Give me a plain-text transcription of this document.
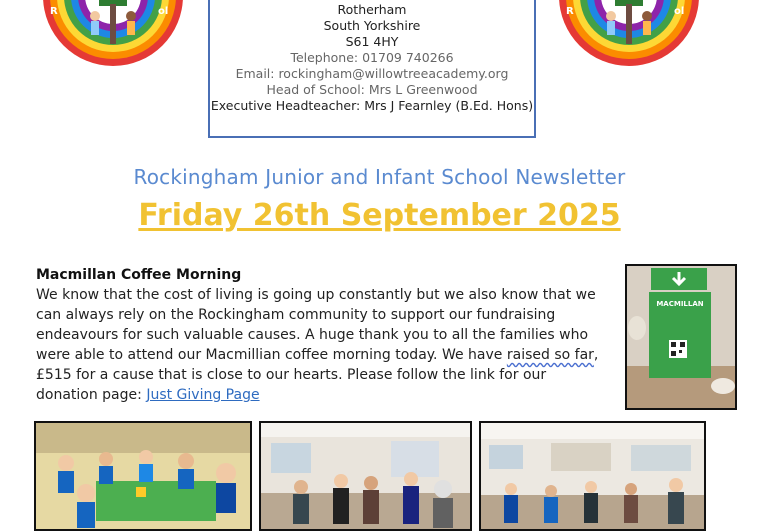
R	ol	Rotherham
South Yorkshire
S61 4HY
Telephone: 01709 740266
Email: rockingham@willowtreeacademy.org
Head of School: Mrs L Greenwood
Executive Headteacher: Mrs J Fearnley (B.Ed. Hons)
R	ol
Rockingham Junior and Infant School Newsletter
Friday 26th September 2025
Macmillan Coffee Morning

We know that the cost of living is going up constantly but we also know that we can always rely on the Rockingham community to support our fundraising endeavours for such valuable causes. A huge thank you to all the families who were able to attend our Macmillian coffee morning today. We have raised so far, £515 for a cause that is close to our hearts. Please follow the link for our donation page: Just Giving Page

MACMILLAN
